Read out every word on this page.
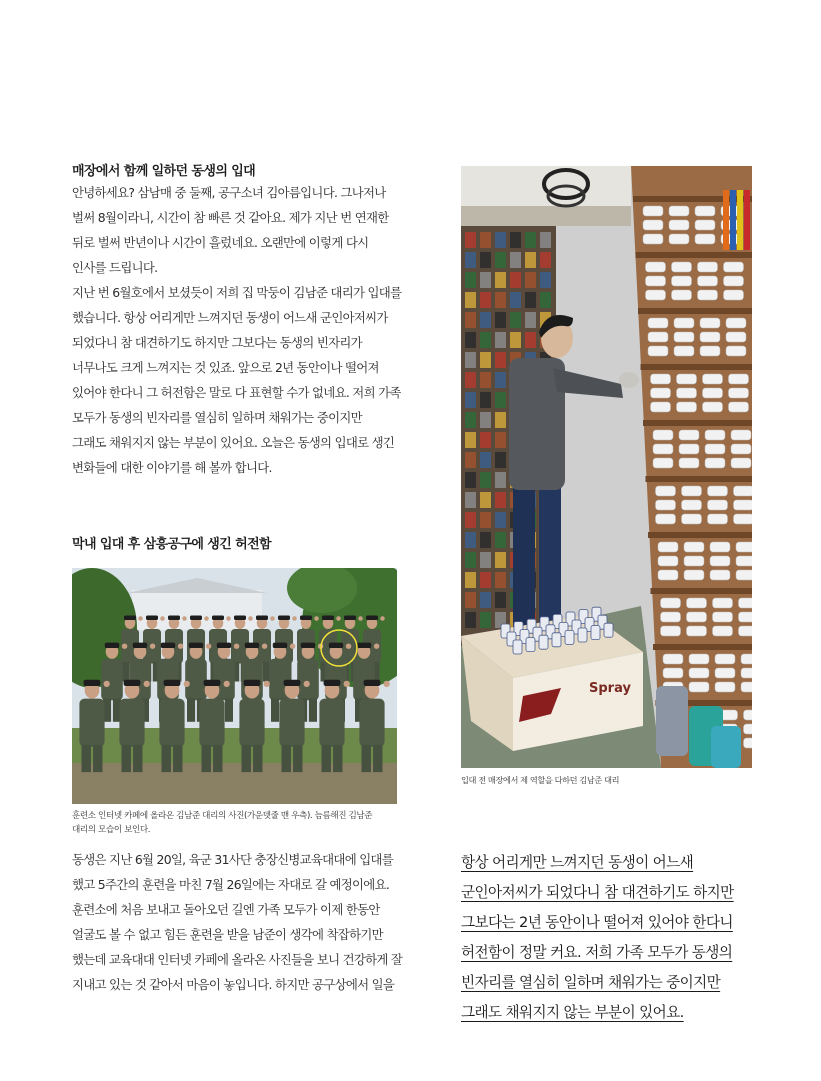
매장에서 함께 일하던 동생의 입대
안녕하세요? 삼남매 중 둘째, 공구소녀 김아름입니다. 그나저나
벌써 8월이라니, 시간이 참 빠른 것 같아요. 제가 지난 번 연재한
뒤로 벌써 반년이나 시간이 흘렀네요. 오랜만에 이렇게 다시
인사를 드립니다.
지난 번 6월호에서 보셨듯이 저희 집 막둥이 김남준 대리가 입대를
했습니다. 항상 어리게만 느껴지던 동생이 어느새 군인아저씨가
되었다니 참 대견하기도 하지만 그보다는 동생의 빈자리가
너무나도 크게 느껴지는 것 있죠. 앞으로 2년 동안이나 떨어져
있어야 한다니 그 허전함은 말로 다 표현할 수가 없네요. 저희 가족
모두가 동생의 빈자리를 열심히 일하며 채워가는 중이지만
그래도 채워지지 않는 부분이 있어요. 오늘은 동생의 입대로 생긴
변화들에 대한 이야기를 해 볼까 합니다.
막내 입대 후 삼흥공구에 생긴 허전함
훈련소 인터넷 카페에 올라온 김남준 대리의 사진(가운뎃줄 맨 우측). 늠름해진 김남준
대리의 모습이 보인다.
동생은 지난 6월 20일, 육군 31사단 충장신병교육대대에 입대를
했고 5주간의 훈련을 마친 7월 26일에는 자대로 갈 예정이에요.
훈련소에 처음 보내고 돌아오던 길엔 가족 모두가 이제 한동안
얼굴도 볼 수 없고 힘든 훈련을 받을 남준이 생각에 착잡하기만
했는데 교육대대 인터넷 카페에 올라온 사진들을 보니 건강하게 잘
지내고 있는 것 같아서 마음이 놓입니다. 하지만 공구상에서 일을
Spray
입대 전 매장에서 제 역할을 다하던 김남준 대리
항상 어리게만 느껴지던 동생이 어느새
군인아저씨가 되었다니 참 대견하기도 하지만
그보다는 2년 동안이나 떨어져 있어야 한다니
허전함이 정말 커요. 저희 가족 모두가 동생의
빈자리를 열심히 일하며 채워가는 중이지만
그래도 채워지지 않는 부분이 있어요.
